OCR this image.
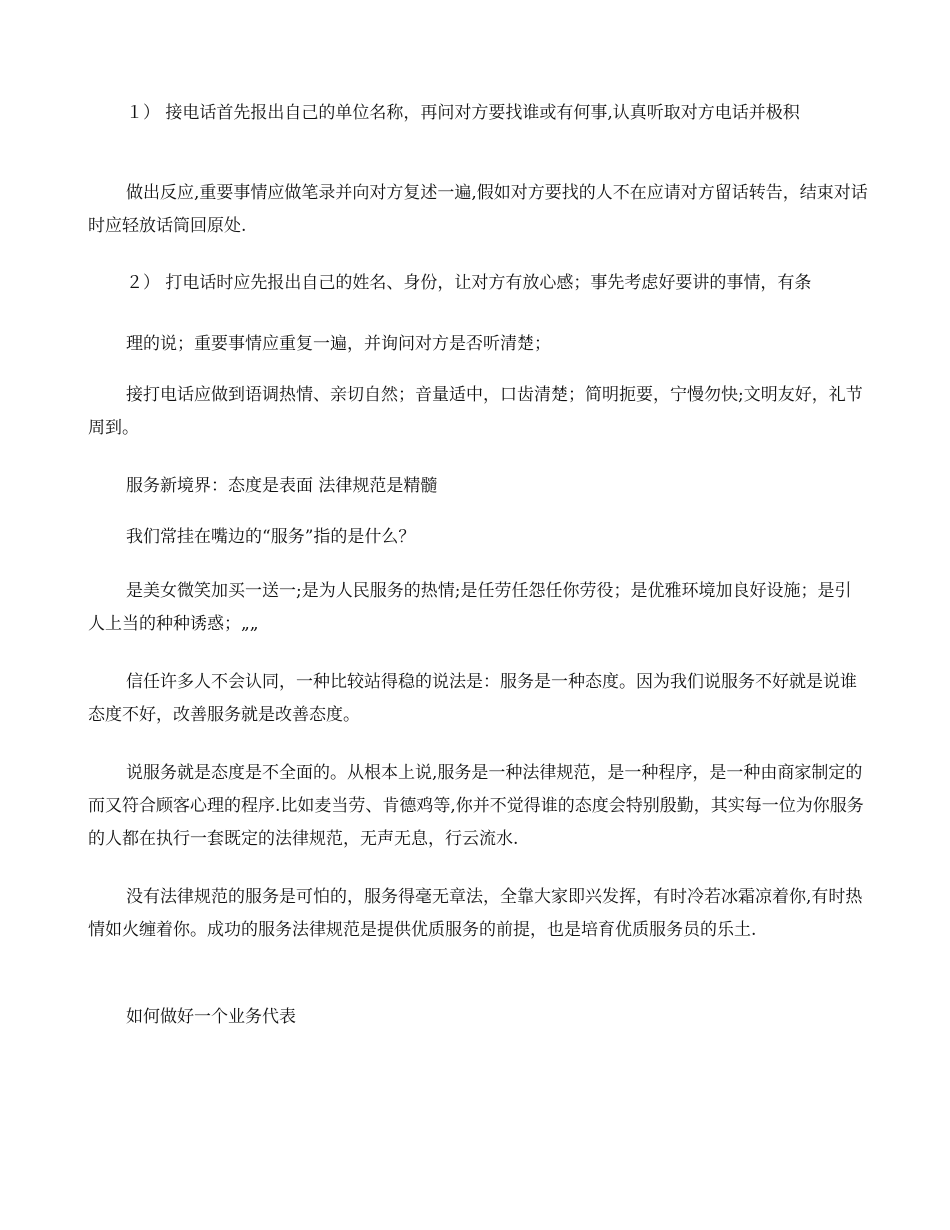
１） 接电话首先报出自己的单位名称，再问对方要找谁或有何事,认真听取对方电话并极积

做出反应,重要事情应做笔录并向对方复述一遍,假如对方要找的人不在应请对方留话转告，结束对话时应轻放话筒回原处.

２） 打电话时应先报出自己的姓名、身份，让对方有放心感；事先考虑好要讲的事情，有条

理的说；重要事情应重复一遍，并询问对方是否听清楚；

接打电话应做到语调热情、亲切自然；音量适中，口齿清楚；简明扼要，宁慢勿快;文明友好，礼节周到。

服务新境界：态度是表面 法律规范是精髓

我们常挂在嘴边的“服务”指的是什么？

是美女微笑加买一送一;是为人民服务的热情;是任劳任怨任你劳役；是优雅环境加良好设施；是引人上当的种种诱惑；„„

信任许多人不会认同，一种比较站得稳的说法是：服务是一种态度。因为我们说服务不好就是说谁态度不好，改善服务就是改善态度。

说服务就是态度是不全面的。从根本上说,服务是一种法律规范，是一种程序，是一种由商家制定的而又符合顾客心理的程序.比如麦当劳、肯德鸡等,你并不觉得谁的态度会特别殷勤，其实每一位为你服务的人都在执行一套既定的法律规范，无声无息，行云流水.

没有法律规范的服务是可怕的，服务得毫无章法，全靠大家即兴发挥，有时冷若冰霜凉着你,有时热情如火缠着你。成功的服务法律规范是提供优质服务的前提，也是培育优质服务员的乐土.

如何做好一个业务代表
